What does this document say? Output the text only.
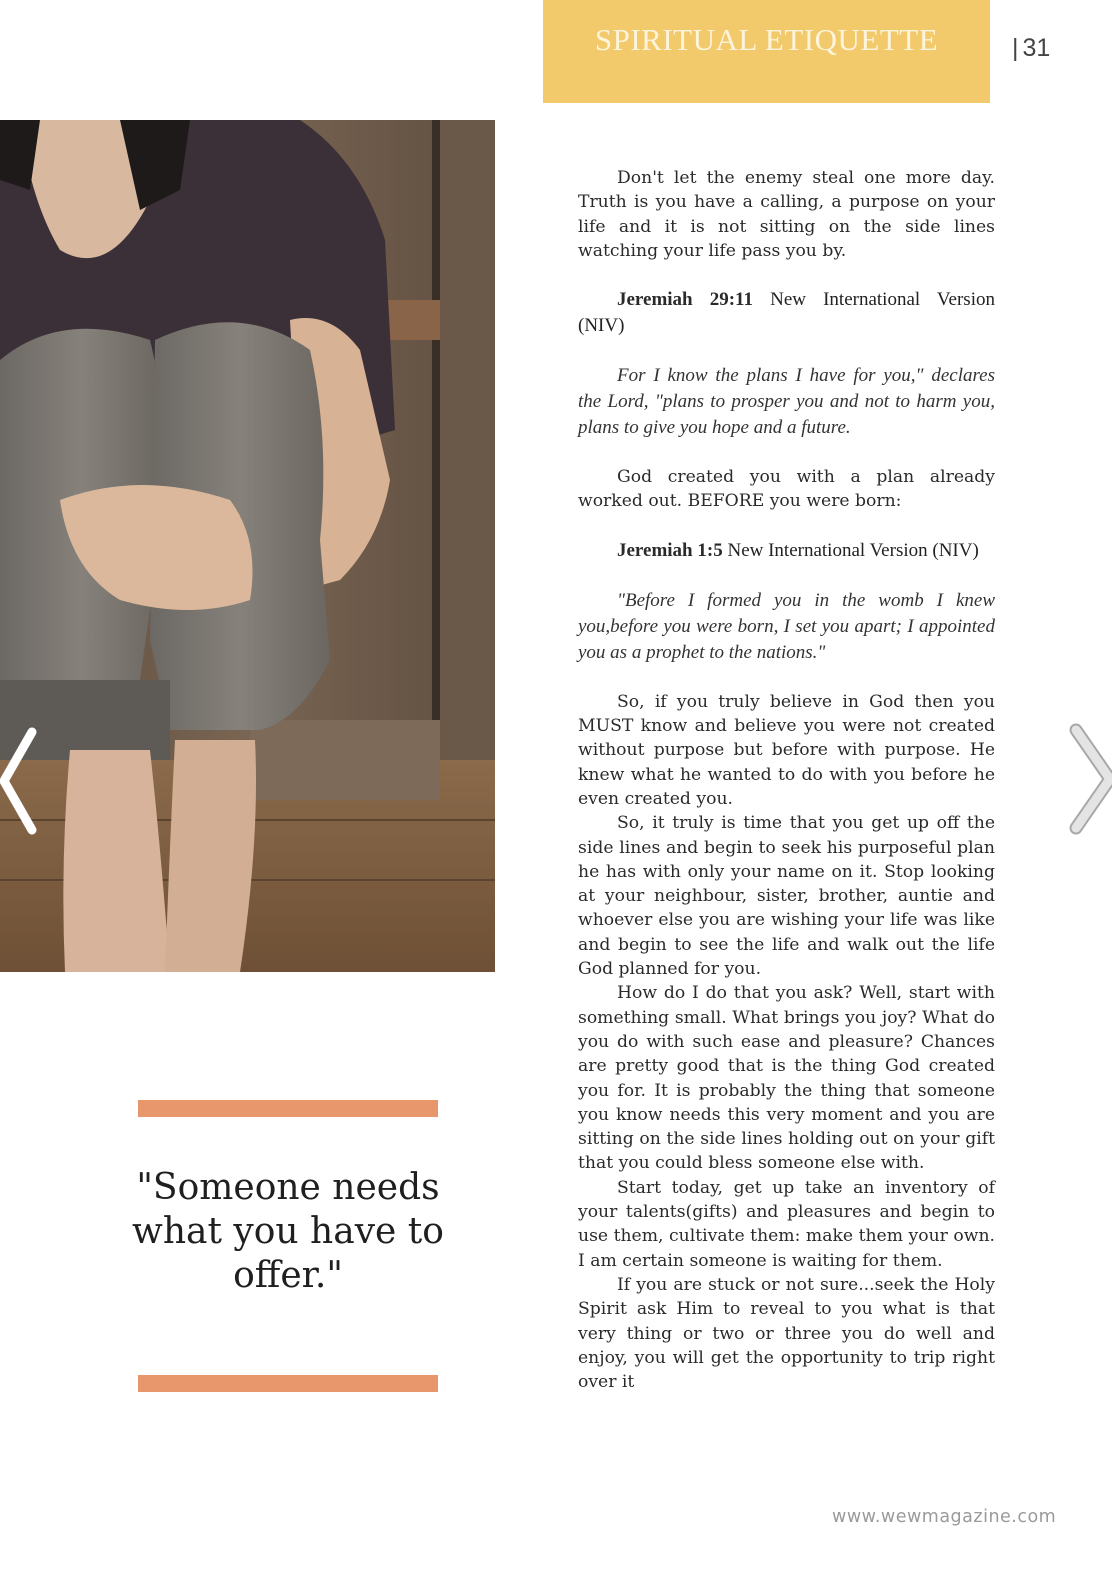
SPIRITUAL ETIQUETTE	| 31
"Someone needs what you have to offer."

Don't let the enemy steal one more day. Truth is you have a calling, a purpose on your life and it is not sitting on the side lines watching your life pass you by.

Jeremiah 29:11 New International Version (NIV)

For I know the plans I have for you," declares the Lord, "plans to prosper you and not to harm you, plans to give you hope and a future.

God created you with a plan already worked out. BEFORE you were born:

Jeremiah 1:5 New International Version (NIV)

"Before I formed you in the womb I knew you,before you were born, I set you apart; I appointed you as a prophet to the nations."

So, if you truly believe in God then you MUST know and believe you were not created without purpose but before with purpose. He knew what he wanted to do with you before he even created you.

So, it truly is time that you get up off the side lines and begin to seek his purposeful plan he has with only your name on it. Stop looking at your neighbour, sister, brother, auntie and whoever else you are wishing your life was like and begin to see the life and walk out the life God planned for you.

How do I do that you ask? Well, start with something small. What brings you joy? What do you do with such ease and pleasure? Chances are pretty good that is the thing God created you for. It is probably the thing that someone you know needs this very moment and you are sitting on the side lines holding out on your gift that you could bless someone else with.

Start today, get up take an inventory of your talents(gifts) and pleasures and begin to use them, cultivate them: make them your own. I am certain someone is waiting for them.

If you are stuck or not sure...seek the Holy Spirit ask Him to reveal to you what is that very thing or two or three you do well and enjoy, you will get the opportunity to trip right over it

www.wewmagazine.com
